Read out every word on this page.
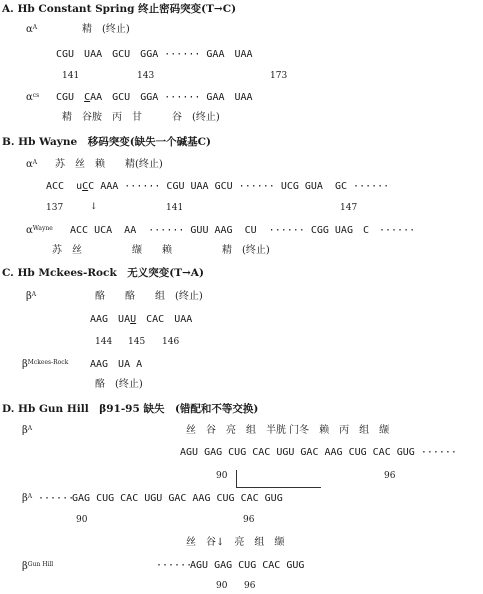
A. Hb Constant Spring 终止密码突变(T→C)
$\alpha^A$	精　(终止)
CGU　UAA　GCU　GGA ······ GAA　UAA
141	143	173
$\alpha^{cs}$ CGU　CAA　GCU　GGA ······ GAA　UAA
精　谷胺　丙　甘　　　谷　(终止)
B. Hb Wayne　移码突变(缺失一个碱基C)
$\alpha^A$ 苏　丝　赖　　精(终止)
ACC  uCC AAA ······ CGU UAA GCU ······ UCG GUA  GC ······
137	↓	141	147
$\alpha^{Wayne}$ ACC UCA  AA  ······ GUU AAG  CU  ······ CGG UAG　C　······
苏　丝　　　　　缬　　赖　　　　　精　(终止)
C. Hb Mckees-Rock　无义突变(T→A)
$\beta^A$	酪　　酪　　组　(终止)
AAG　UAU　CAC　UAA
144 145 146
$\beta^{Mckees-Rock}$ AAG　UA A
酪　(终止)
D. Hb Gun Hill　β91-95 缺失　(错配和不等交换)
$\beta^A$	丝　谷　亮　组　半胱 门冬　赖　丙　组　缬
AGU GAG CUG CAC UGU GAC AAG CUG CAC GUG ······
90	96
$\beta^A$ ······
GAG CUG CAC UGU GAC AAG CUG CAC GUG
90	96
丝　谷↓　亮　组　缬
$\beta^{Gun Hill}$	······
AGU GAG CUG CAC GUG
90 96
